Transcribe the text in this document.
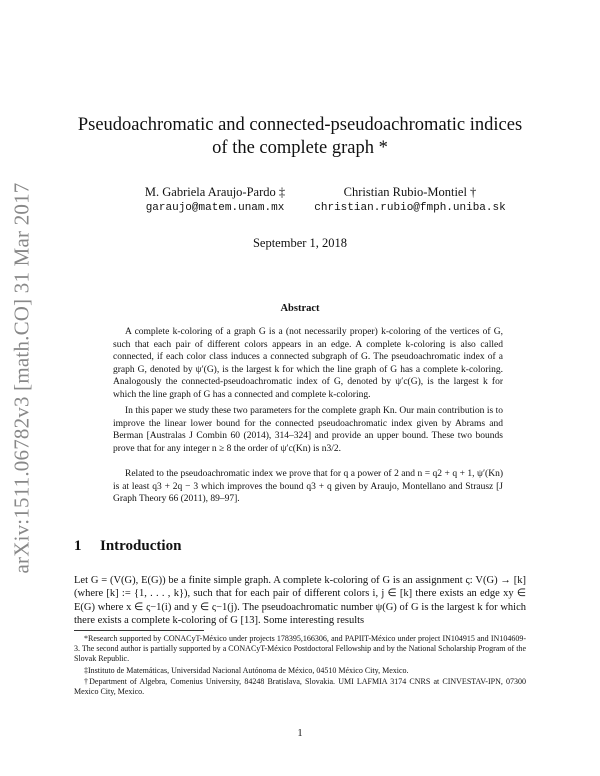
arXiv:1511.06782v3 [math.CO] 31 Mar 2017
Pseudoachromatic and connected-pseudoachromatic indices of the complete graph *
M. Gabriela Araujo-Pardo ‡
garaujo@matem.unam.mx
Christian Rubio-Montiel †
christian.rubio@fmph.uniba.sk
September 1, 2018
Abstract

A complete k-coloring of a graph G is a (not necessarily proper) k-coloring of the vertices of G, such that each pair of different colors appears in an edge. A complete k-coloring is also called connected, if each color class induces a connected subgraph of G. The pseudoachromatic index of a graph G, denoted by ψ′(G), is the largest k for which the line graph of G has a complete k-coloring. Analogously the connected-pseudoachromatic index of G, denoted by ψ′c(G), is the largest k for which the line graph of G has a connected and complete k-coloring.

In this paper we study these two parameters for the complete graph Kn. Our main contribution is to improve the linear lower bound for the connected pseudoachromatic index given by Abrams and Berman [Australas J Combin 60 (2014), 314–324] and provide an upper bound. These two bounds prove that for any integer n ≥ 8 the order of ψ′c(Kn) is n3/2.

Related to the pseudoachromatic index we prove that for q a power of 2 and n = q2 + q + 1, ψ′(Kn) is at least q3 + 2q − 3 which improves the bound q3 + q given by Araujo, Montellano and Strausz [J Graph Theory 66 (2011), 89–97].

1 Introduction

Let G = (V(G), E(G)) be a finite simple graph. A complete k-coloring of G is an assignment ς: V(G) → [k] (where [k] := {1, . . . , k}), such that for each pair of different colors i, j ∈ [k] there exists an edge xy ∈ E(G) where x ∈ ς−1(i) and y ∈ ς−1(j). The pseudoachromatic number ψ(G) of G is the largest k for which there exists a complete k-coloring of G [13]. Some interesting results

*Research supported by CONACyT-México under projects 178395,166306, and PAPIIT-México under project IN104915 and IN104609-3. The second author is partially supported by a CONACyT-México Postdoctoral Fellowship and by the National Scholarship Program of the Slovak Republic.

‡Instituto de Matemáticas, Universidad Nacional Autónoma de México, 04510 México City, Mexico.

†Department of Algebra, Comenius University, 84248 Bratislava, Slovakia. UMI LAFMIA 3174 CNRS at CINVESTAV-IPN, 07300 Mexico City, Mexico.

1
